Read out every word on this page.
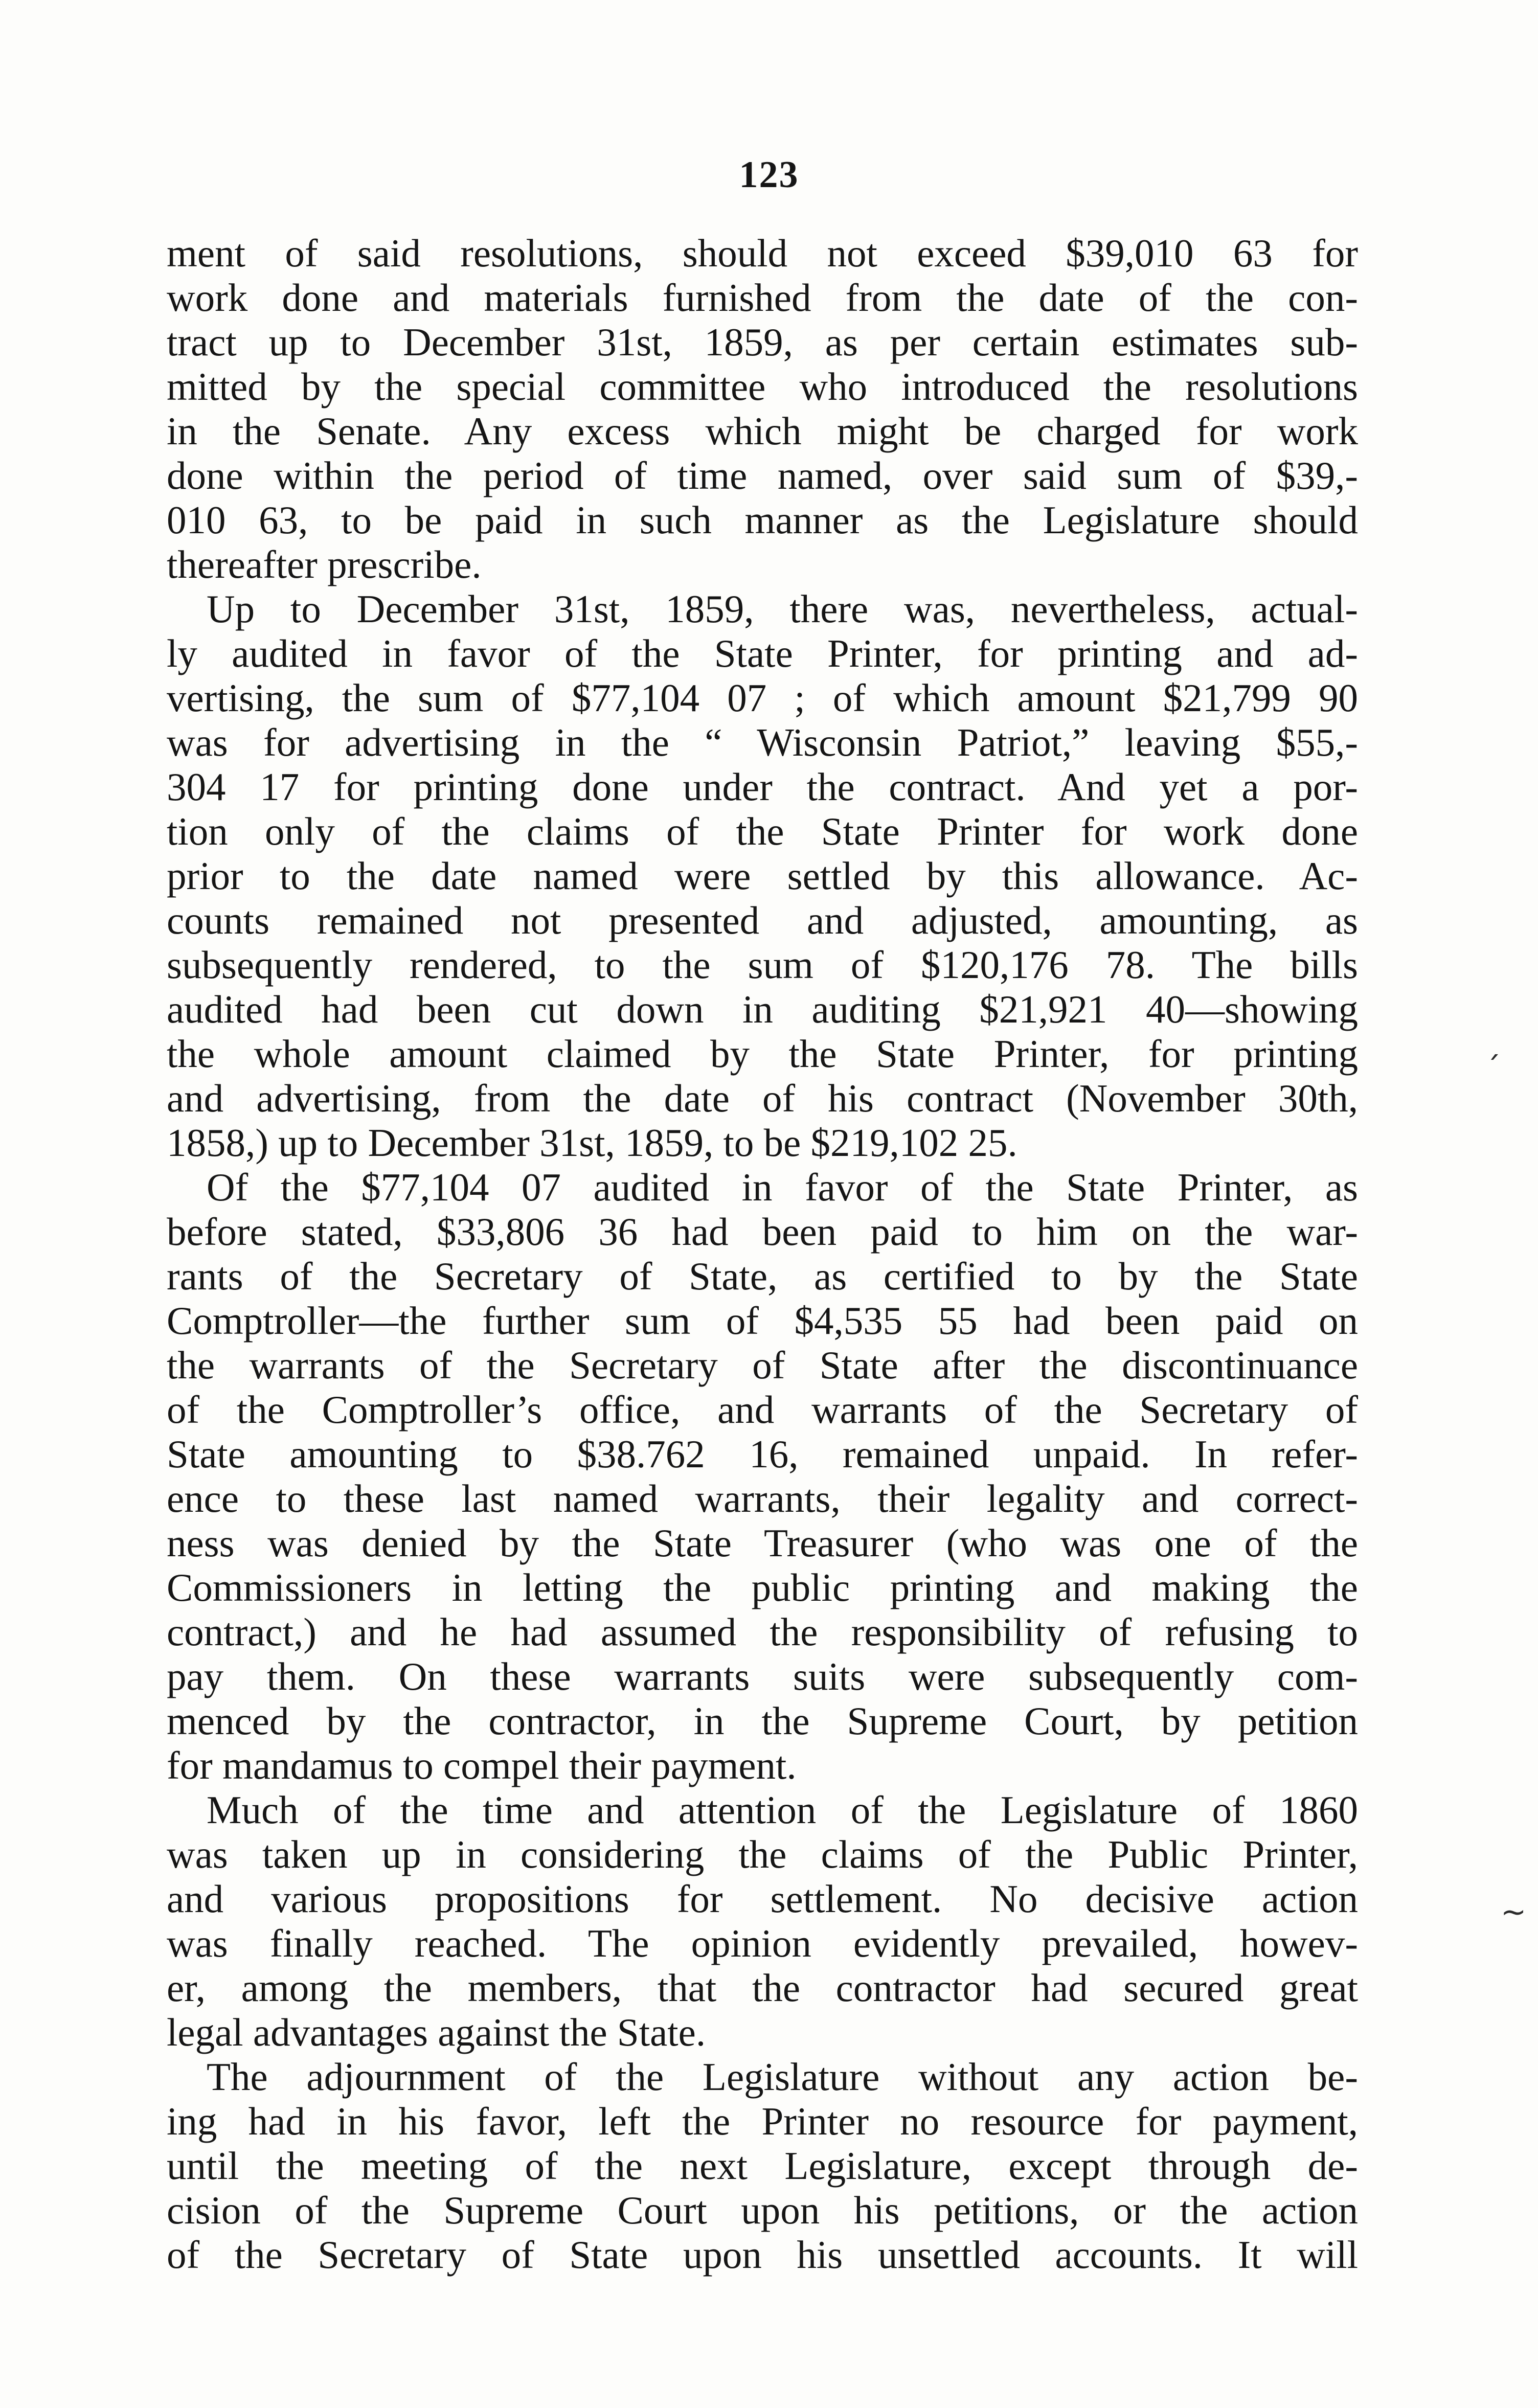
123
ment of said resolutions, should not exceed $39,010 63 for
work done and materials furnished from the date of the con-
tract up to December 31st, 1859, as per certain estimates sub-
mitted by the special committee who introduced the resolutions
in the Senate. Any excess which might be charged for work
done within the period of time named, over said sum of $39,-
010 63, to be paid in such manner as the Legislature should
thereafter prescribe.
Up to December 31st, 1859, there was, nevertheless, actual-
ly audited in favor of the State Printer, for printing and ad-
vertising, the sum of $77,104 07 ; of which amount $21,799 90
was for advertising in the “ Wisconsin Patriot,” leaving $55,-
304 17 for printing done under the contract. And yet a por-
tion only of the claims of the State Printer for work done
prior to the date named were settled by this allowance. Ac-
counts remained not presented and adjusted, amounting, as
subsequently rendered, to the sum of $120,176 78. The bills
audited had been cut down in auditing $21,921 40—showing
the whole amount claimed by the State Printer, for printing
and advertising, from the date of his contract (November 30th,
1858,) up to December 31st, 1859, to be $219,102 25.
Of the $77,104 07 audited in favor of the State Printer, as
before stated, $33,806 36 had been paid to him on the war-
rants of the Secretary of State, as certified to by the State
Comptroller—the further sum of $4,535 55 had been paid on
the warrants of the Secretary of State after the discontinuance
of the Comptroller’s office, and warrants of the Secretary of
State amounting to $38.762 16, remained unpaid. In refer-
ence to these last named warrants, their legality and correct-
ness was denied by the State Treasurer (who was one of the
Commissioners in letting the public printing and making the
contract,) and he had assumed the responsibility of refusing to
pay them. On these warrants suits were subsequently com-
menced by the contractor, in the Supreme Court, by petition
for mandamus to compel their payment.
Much of the time and attention of the Legislature of 1860
was taken up in considering the claims of the Public Printer,
and various propositions for settlement. No decisive action
was finally reached. The opinion evidently prevailed, howev-
er, among the members, that the contractor had secured great
legal advantages against the State.
The adjournment of the Legislature without any action be-
ing had in his favor, left the Printer no resource for payment,
until the meeting of the next Legislature, except through de-
cision of the Supreme Court upon his petitions, or the action
of the Secretary of State upon his unsettled accounts. It will
ˊ
~
